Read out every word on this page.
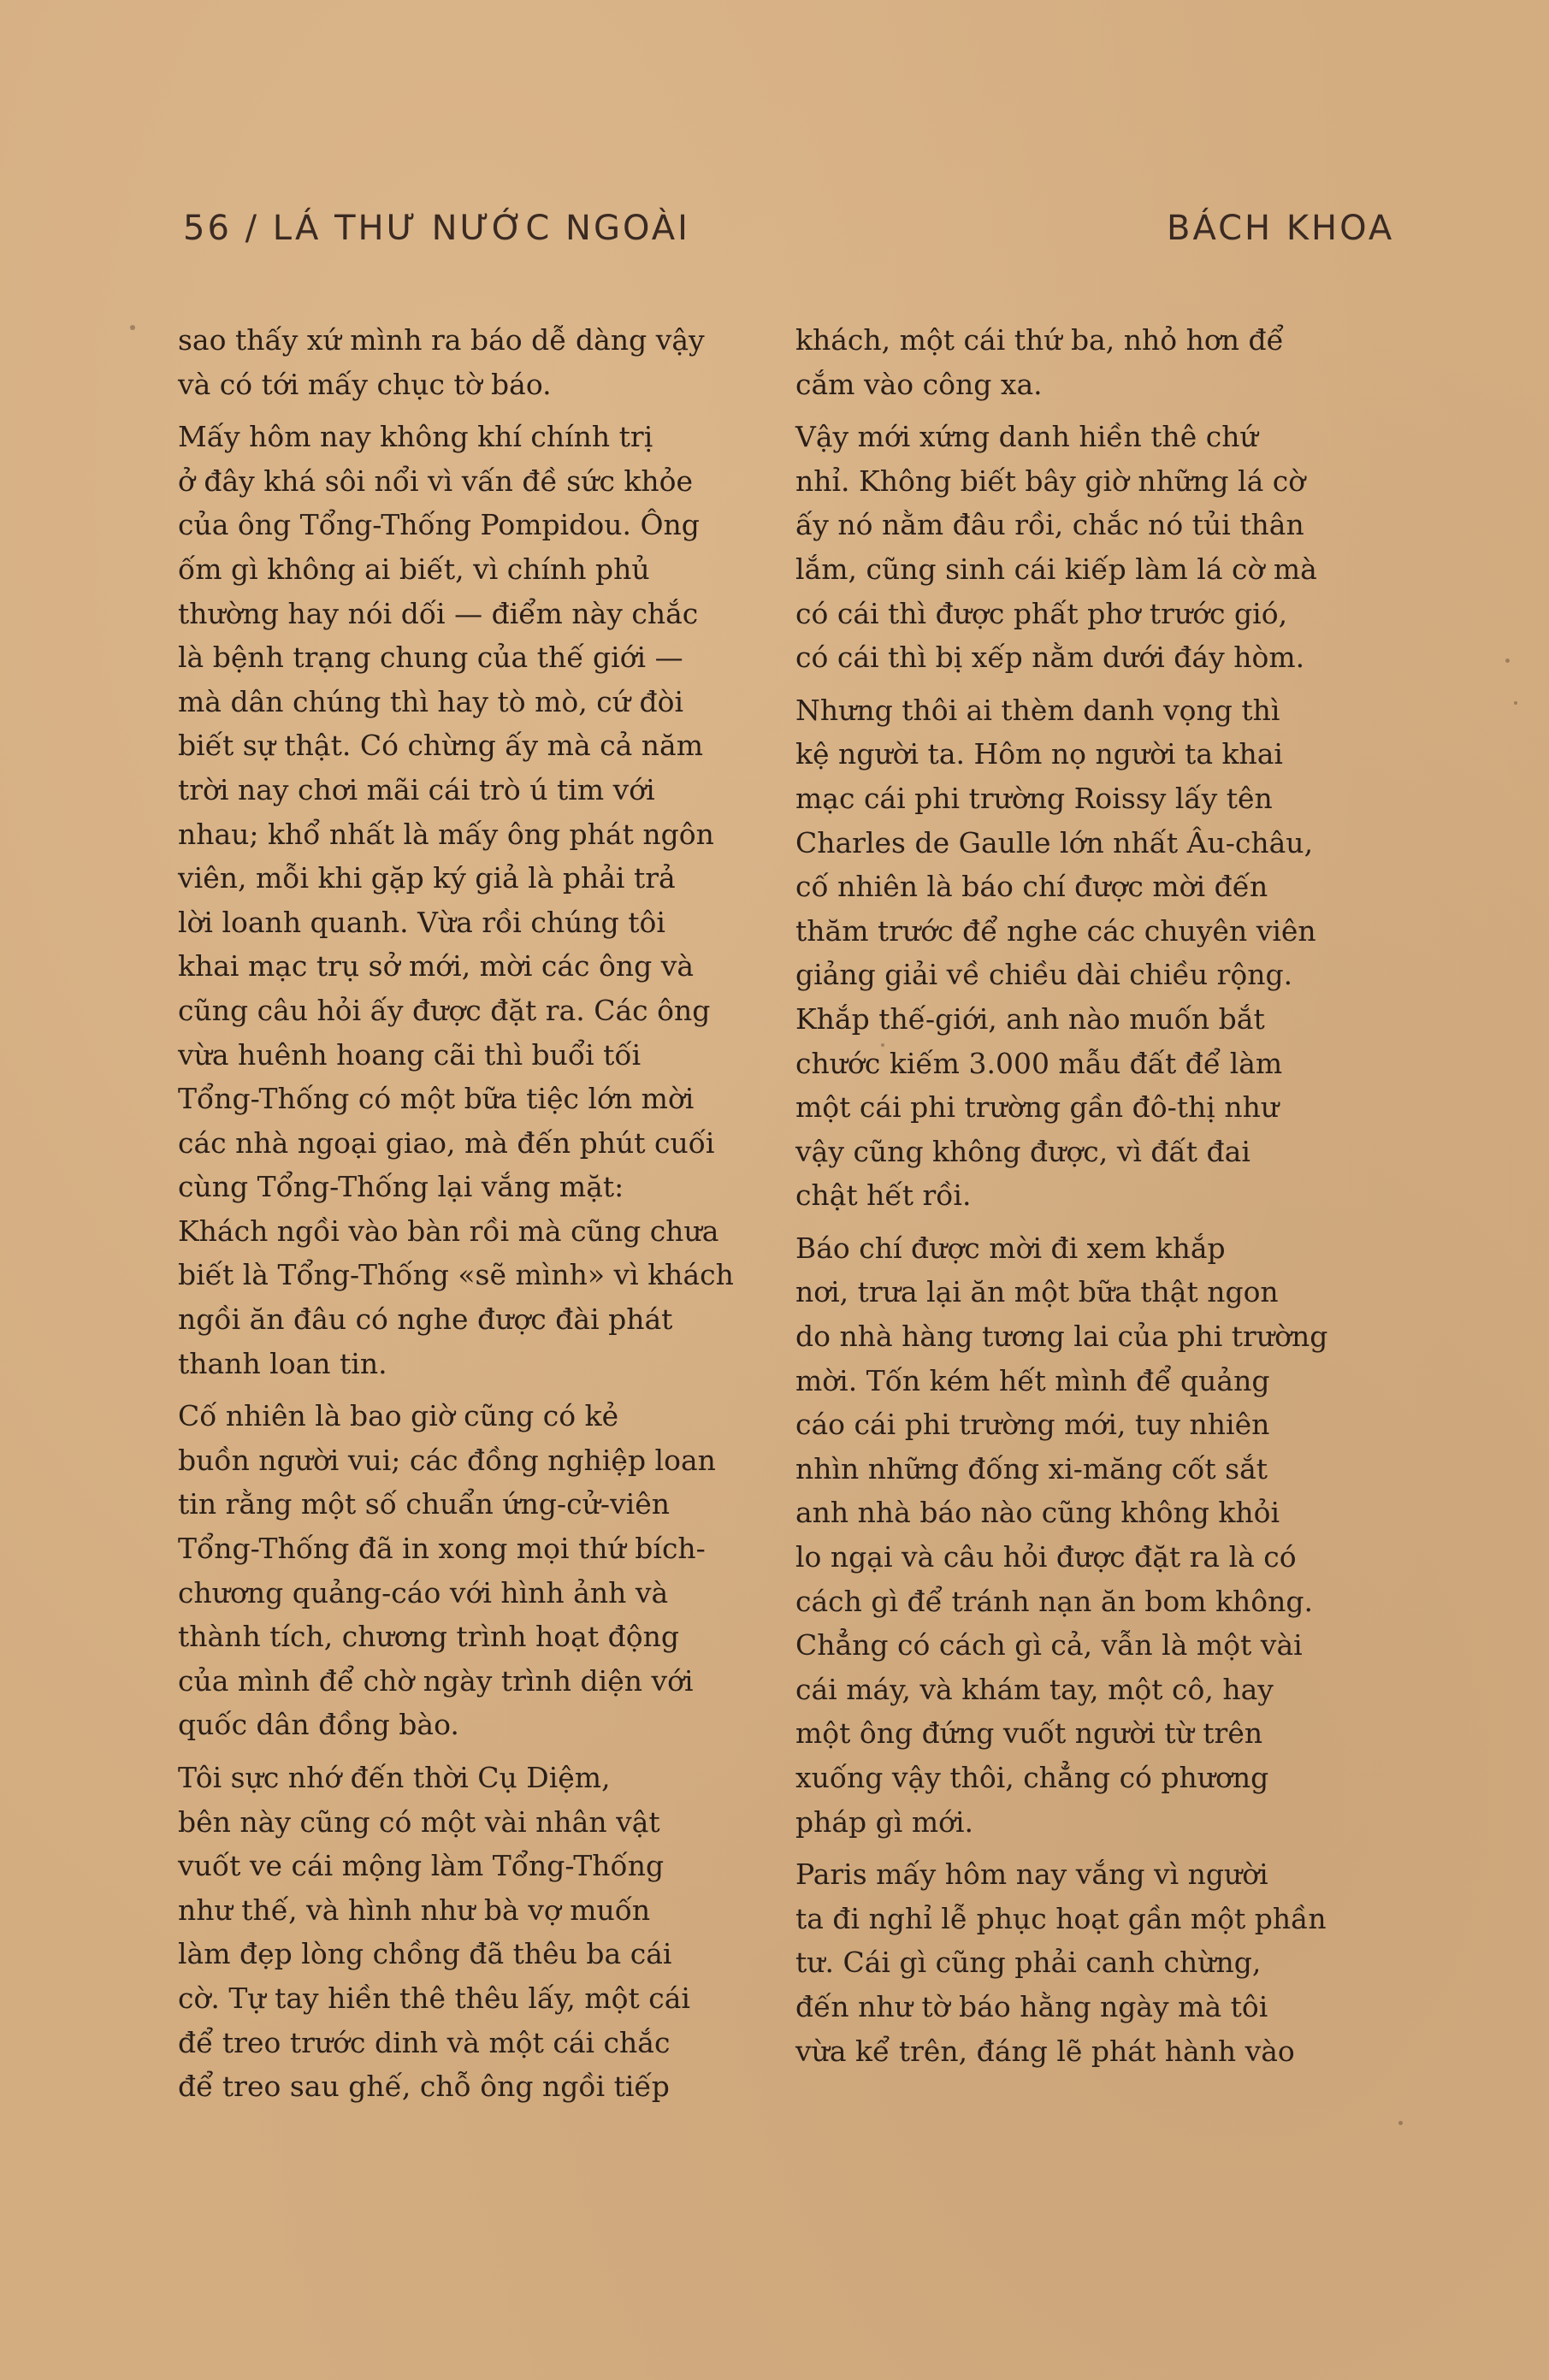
56 / LÁ THƯ NƯỚC NGOÀI	BÁCH KHOA

sao thấy xứ mình ra báo dễ dàng vậy
và có tới mấy chục tờ báo.

Mấy hôm nay không khí chính trị
ở đây khá sôi nổi vì vấn đề sức khỏe
của ông Tổng-Thống Pompidou. Ông
ốm gì không ai biết, vì chính phủ
thường hay nói dối — điểm này chắc
là bệnh trạng chung của thế giới —
mà dân chúng thì hay tò mò, cứ đòi
biết sự thật. Có chừng ấy mà cả năm
trời nay chơi mãi cái trò ú tim với
nhau; khổ nhất là mấy ông phát ngôn
viên, mỗi khi gặp ký giả là phải trả
lời loanh quanh. Vừa rồi chúng tôi
khai mạc trụ sở mới, mời các ông và
cũng câu hỏi ấy được đặt ra. Các ông
vừa huênh hoang cãi thì buổi tối
Tổng-Thống có một bữa tiệc lớn mời
các nhà ngoại giao, mà đến phút cuối
cùng Tổng-Thống lại vắng mặt:
Khách ngồi vào bàn rồi mà cũng chưa
biết là Tổng-Thống «sẽ mình» vì khách
ngồi ăn đâu có nghe được đài phát
thanh loan tin.

Cố nhiên là bao giờ cũng có kẻ
buồn người vui; các đồng nghiệp loan
tin rằng một số chuẩn ứng-cử-viên
Tổng-Thống đã in xong mọi thứ bích-
chương quảng-cáo với hình ảnh và
thành tích, chương trình hoạt động
của mình để chờ ngày trình diện với
quốc dân đồng bào.

Tôi sực nhớ đến thời Cụ Diệm,
bên này cũng có một vài nhân vật
vuốt ve cái mộng làm Tổng-Thống
như thế, và hình như bà vợ muốn
làm đẹp lòng chồng đã thêu ba cái
cờ. Tự tay hiền thê thêu lấy, một cái
để treo trước dinh và một cái chắc
để treo sau ghế, chỗ ông ngồi tiếp

khách, một cái thứ ba, nhỏ hơn để
cắm vào công xa.

Vậy mới xứng danh hiền thê chứ
nhỉ. Không biết bây giờ những lá cờ
ấy nó nằm đâu rồi, chắc nó tủi thân
lắm, cũng sinh cái kiếp làm lá cờ mà
có cái thì được phất phơ trước gió,
có cái thì bị xếp nằm dưới đáy hòm.

Nhưng thôi ai thèm danh vọng thì
kệ người ta. Hôm nọ người ta khai
mạc cái phi trường Roissy lấy tên
Charles de Gaulle lớn nhất Âu-châu,
cố nhiên là báo chí được mời đến
thăm trước để nghe các chuyên viên
giảng giải về chiều dài chiều rộng.
Khắp thế-giới, anh nào muốn bắt
chước kiếm 3.000 mẫu đất để làm
một cái phi trường gần đô-thị như
vậy cũng không được, vì đất đai
chật hết rồi.

Báo chí được mời đi xem khắp
nơi, trưa lại ăn một bữa thật ngon
do nhà hàng tương lai của phi trường
mời. Tốn kém hết mình để quảng
cáo cái phi trường mới, tuy nhiên
nhìn những đống xi-măng cốt sắt
anh nhà báo nào cũng không khỏi
lo ngại và câu hỏi được đặt ra là có
cách gì để tránh nạn ăn bom không.
Chẳng có cách gì cả, vẫn là một vài
cái máy, và khám tay, một cô, hay
một ông đứng vuốt người từ trên
xuống vậy thôi, chẳng có phương
pháp gì mới.

Paris mấy hôm nay vắng vì người
ta đi nghỉ lễ phục hoạt gần một phần
tư. Cái gì cũng phải canh chừng,
đến như tờ báo hằng ngày mà tôi
vừa kể trên, đáng lẽ phát hành vào
